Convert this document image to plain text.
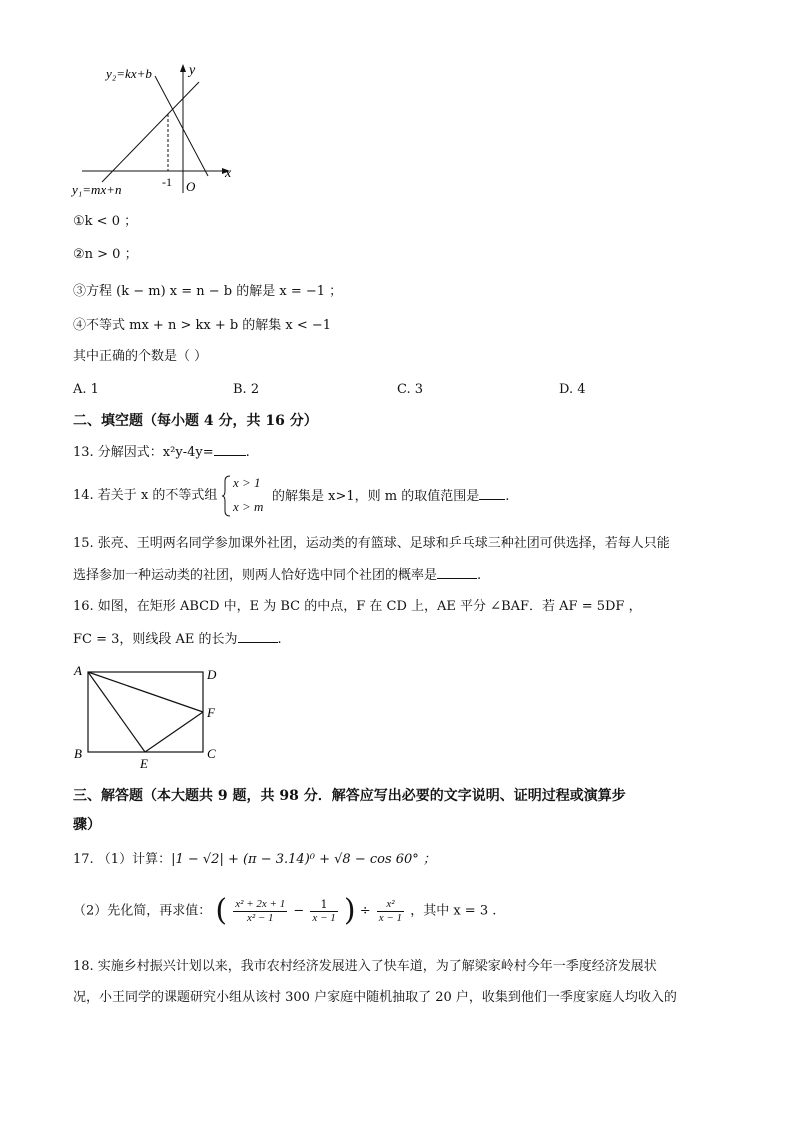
y₂=kx+b	y
x
-1 O
y₁=mx+n
①k < 0 ；
②n > 0 ；
③方程 (k − m) x = n − b 的解是 x = −1 ；
④不等式 mx + n > kx + b 的解集 x < −1
其中正确的个数是（ ）
A. 1	B. 2	C. 3	D. 4
二、填空题（每小题 4 分，共 16 分）
13. 分解因式：x²y-4y= .
14. 若关于 x 的不等式组
x > 1
x > m
的解集是 x>1，则 m 的取值范围是 .
15. 张亮、王明两名同学参加课外社团，运动类的有篮球、足球和乒乓球三种社团可供选择，若每人只能
选择参加一种运动类的社团，则两人恰好选中同个社团的概率是	.
16. 如图，在矩形 ABCD 中，E 为 BC 的中点，F 在 CD 上，AE 平分 ∠BAF．若 AF = 5DF ，
FC = 3，则线段 AE 的长为	.
A	D
F
B
E
C
三、解答题（本大题共 9 题，共 98 分．解答应写出必要的文字说明、证明过程或演算步
骤）
17. （1）计算：|1 − √2| + (π − 3.14)⁰ + √8 − cos 60° ；
（2）先化简，再求值： ( $\frac{\text{x² + 2x + 1}}{\text{x² − 1}} - \frac{1}{x - 1}$ ) ÷ $\frac{\text{x²}}{x - 1}$ ，其中 x = 3 .
18. 实施乡村振兴计划以来，我市农村经济发展进入了快车道，为了解梁家岭村今年一季度经济发展状
况，小王同学的课题研究小组从该村 300 户家庭中随机抽取了 20 户，收集到他们一季度家庭人均收入的
